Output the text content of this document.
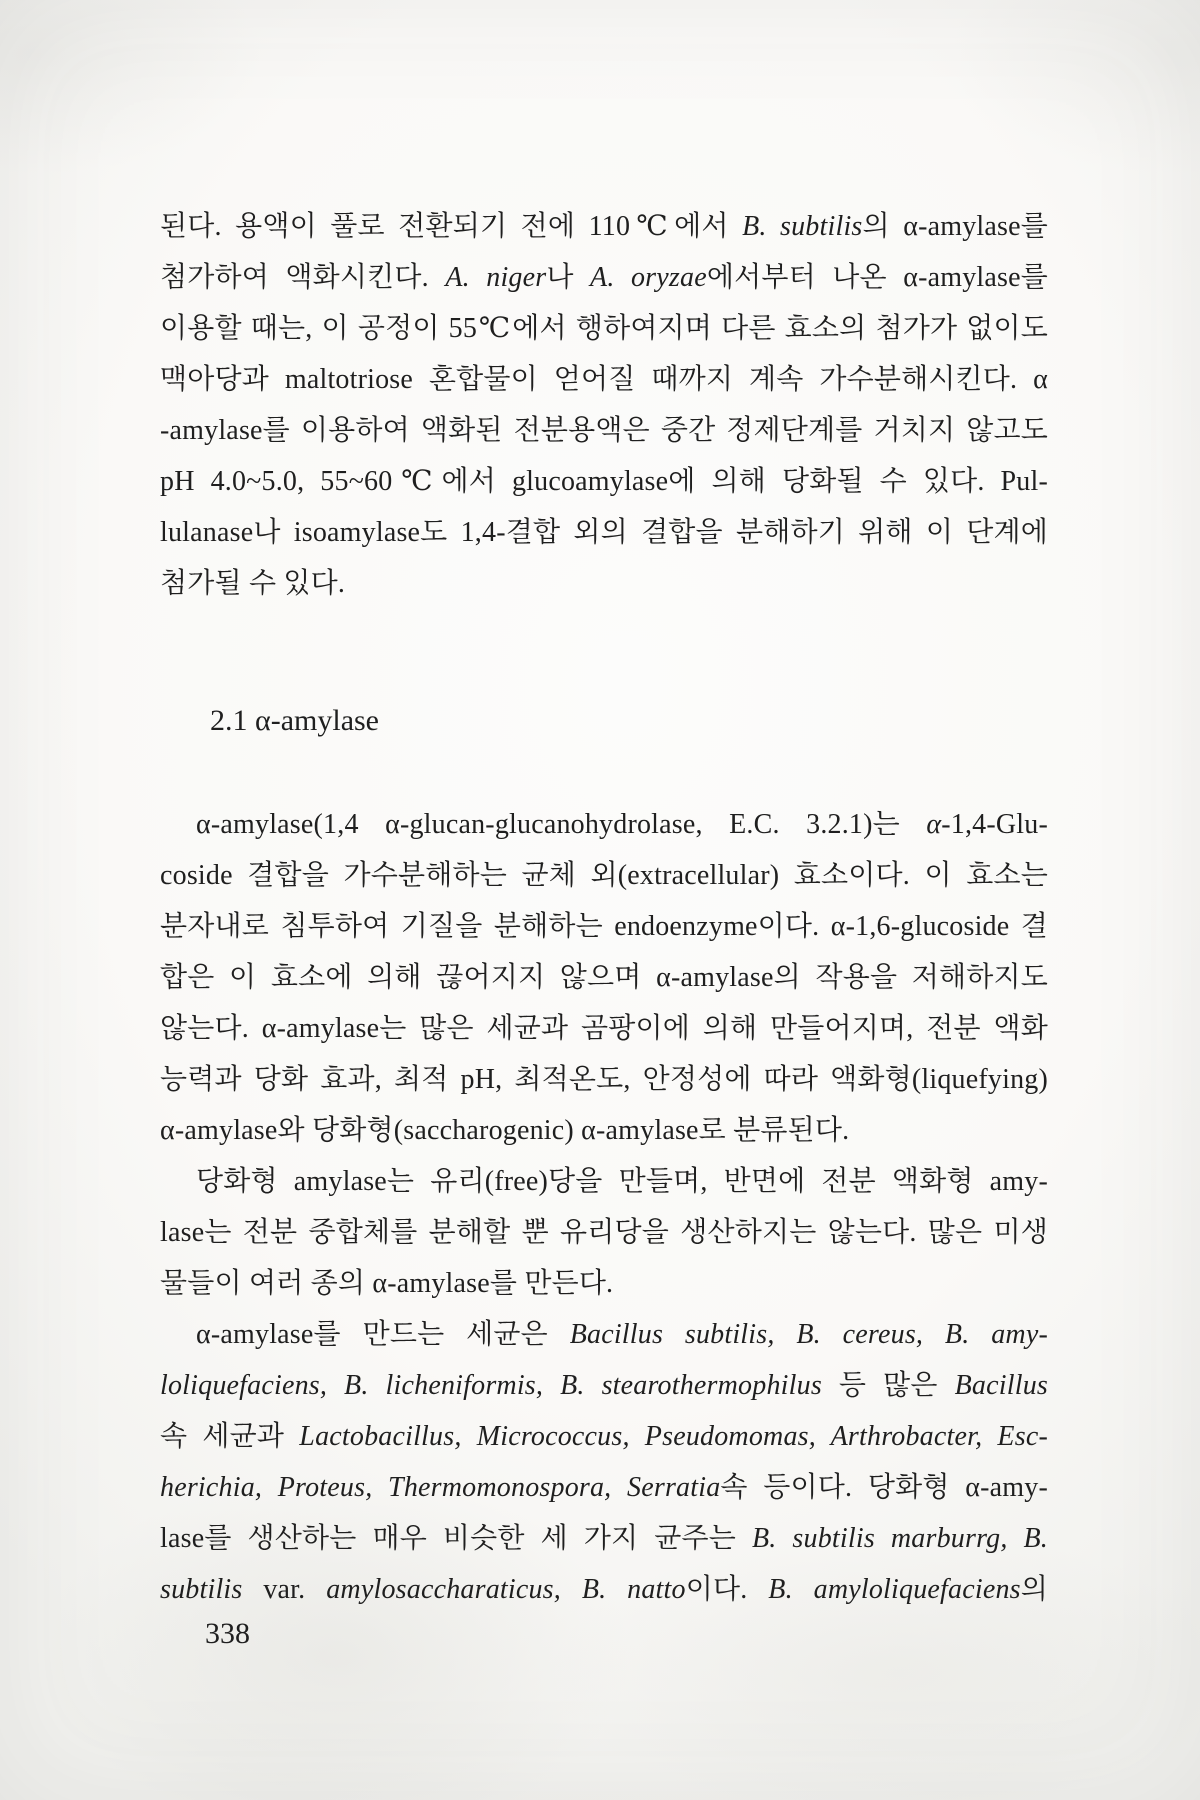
된다. 용액이 풀로 전환되기 전에 110℃에서 B. subtilis의 α-amylase를
첨가하여 액화시킨다. A. niger나 A. oryzae에서부터 나온 α-amylase를
이용할 때는, 이 공정이 55℃에서 행하여지며 다른 효소의 첨가가 없이도
맥아당과 maltotriose 혼합물이 얻어질 때까지 계속 가수분해시킨다. α
-amylase를 이용하여 액화된 전분용액은 중간 정제단계를 거치지 않고도
pH 4.0~5.0, 55~60℃에서 glucoamylase에 의해 당화될 수 있다. Pul-
lulanase나 isoamylase도 1,4-결합 외의 결합을 분해하기 위해 이 단계에
첨가될 수 있다.
2.1 α-amylase
α-amylase(1,4 α-glucan-glucanohydrolase, E.C. 3.2.1)는 α-1,4-Glu-
coside 결합을 가수분해하는 균체 외(extracellular) 효소이다. 이 효소는
분자내로 침투하여 기질을 분해하는 endoenzyme이다. α-1,6-glucoside 결
합은 이 효소에 의해 끊어지지 않으며 α-amylase의 작용을 저해하지도
않는다. α-amylase는 많은 세균과 곰팡이에 의해 만들어지며, 전분 액화
능력과 당화 효과, 최적 pH, 최적온도, 안정성에 따라 액화형(liquefying)
α-amylase와 당화형(saccharogenic) α-amylase로 분류된다.
당화형 amylase는 유리(free)당을 만들며, 반면에 전분 액화형 amy-
lase는 전분 중합체를 분해할 뿐 유리당을 생산하지는 않는다. 많은 미생
물들이 여러 종의 α-amylase를 만든다.
α-amylase를 만드는 세균은 Bacillus subtilis, B. cereus, B. amy-
loliquefaciens, B. licheniformis, B. stearothermophilus 등 많은 Bacillus
속 세균과 Lactobacillus, Micrococcus, Pseudomomas, Arthrobacter, Esc-
herichia, Proteus, Thermomonospora, Serratia속 등이다. 당화형 α-amy-
lase를 생산하는 매우 비슷한 세 가지 균주는 B. subtilis marburrg, B.
subtilis var. amylosaccharaticus, B. natto이다. B. amyloliquefaciens의
338
